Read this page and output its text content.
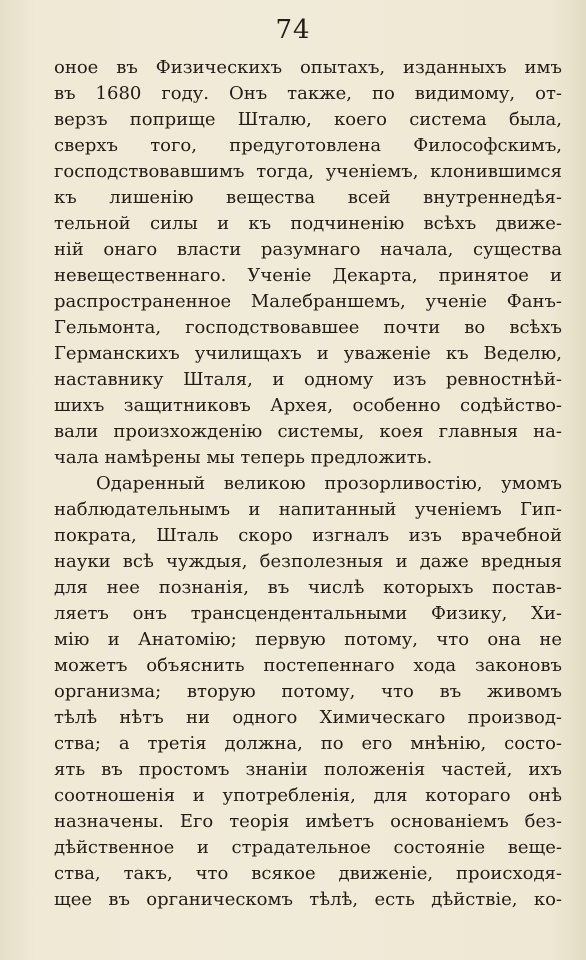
74
оное въ Физическихъ опытахъ, изданныхъ имъ
въ 1680 году. Онъ также, по видимому, от-
верзъ поприще Шталю, коего система была,
сверхъ того, предуготовлена Философскимъ,
господствовавшимъ тогда, ученiемъ, клонившимся
къ лишенiю вещества всей внутреннедѣя-
тельной силы и къ подчиненiю всѣхъ движе-
нiй онаго власти разумнаго начала, существа
невещественнаго. Ученiе Декарта, принятое и
распространенное Малебраншемъ, ученiе Фанъ-
Гельмонта, господствовавшее почти во всѣхъ
Германскихъ училищахъ и уваженiе къ Веделю,
наставнику Шталя, и одному изъ ревностнѣй-
шихъ защитниковъ Архея, особенно содѣйство-
вали произхожденiю системы, коея главныя на-
чала намѣрены мы теперь предложить.
Одаренный великою прозорливостiю, умомъ
наблюдательнымъ и напитанный ученiемъ Гип-
пократа, Шталь скоро изгналъ изъ врачебной
науки всѣ чуждыя, безполезныя и даже вредныя
для нее познанiя, въ числѣ которыхъ постав-
ляетъ онъ трансцендентальными Физику, Хи-
мiю и Анатомiю; первую потому, что она не
можетъ объяснить постепеннаго хода законовъ
организма; вторую потому, что въ живомъ
тѣлѣ нѣтъ ни одного Химическаго производ-
ства; а третiя должна, по его мнѣнiю, состо-
ять въ простомъ знанiи положенiя частей, ихъ
соотношенiя и употребленiя, для котораго онѣ
назначены. Его теорiя имѣетъ основанiемъ без-
дѣйственное и страдательное состоянiе веще-
ства, такъ, что всякое движенiе, происходя-
щее въ органическомъ тѣлѣ, есть дѣйствiе, ко-
